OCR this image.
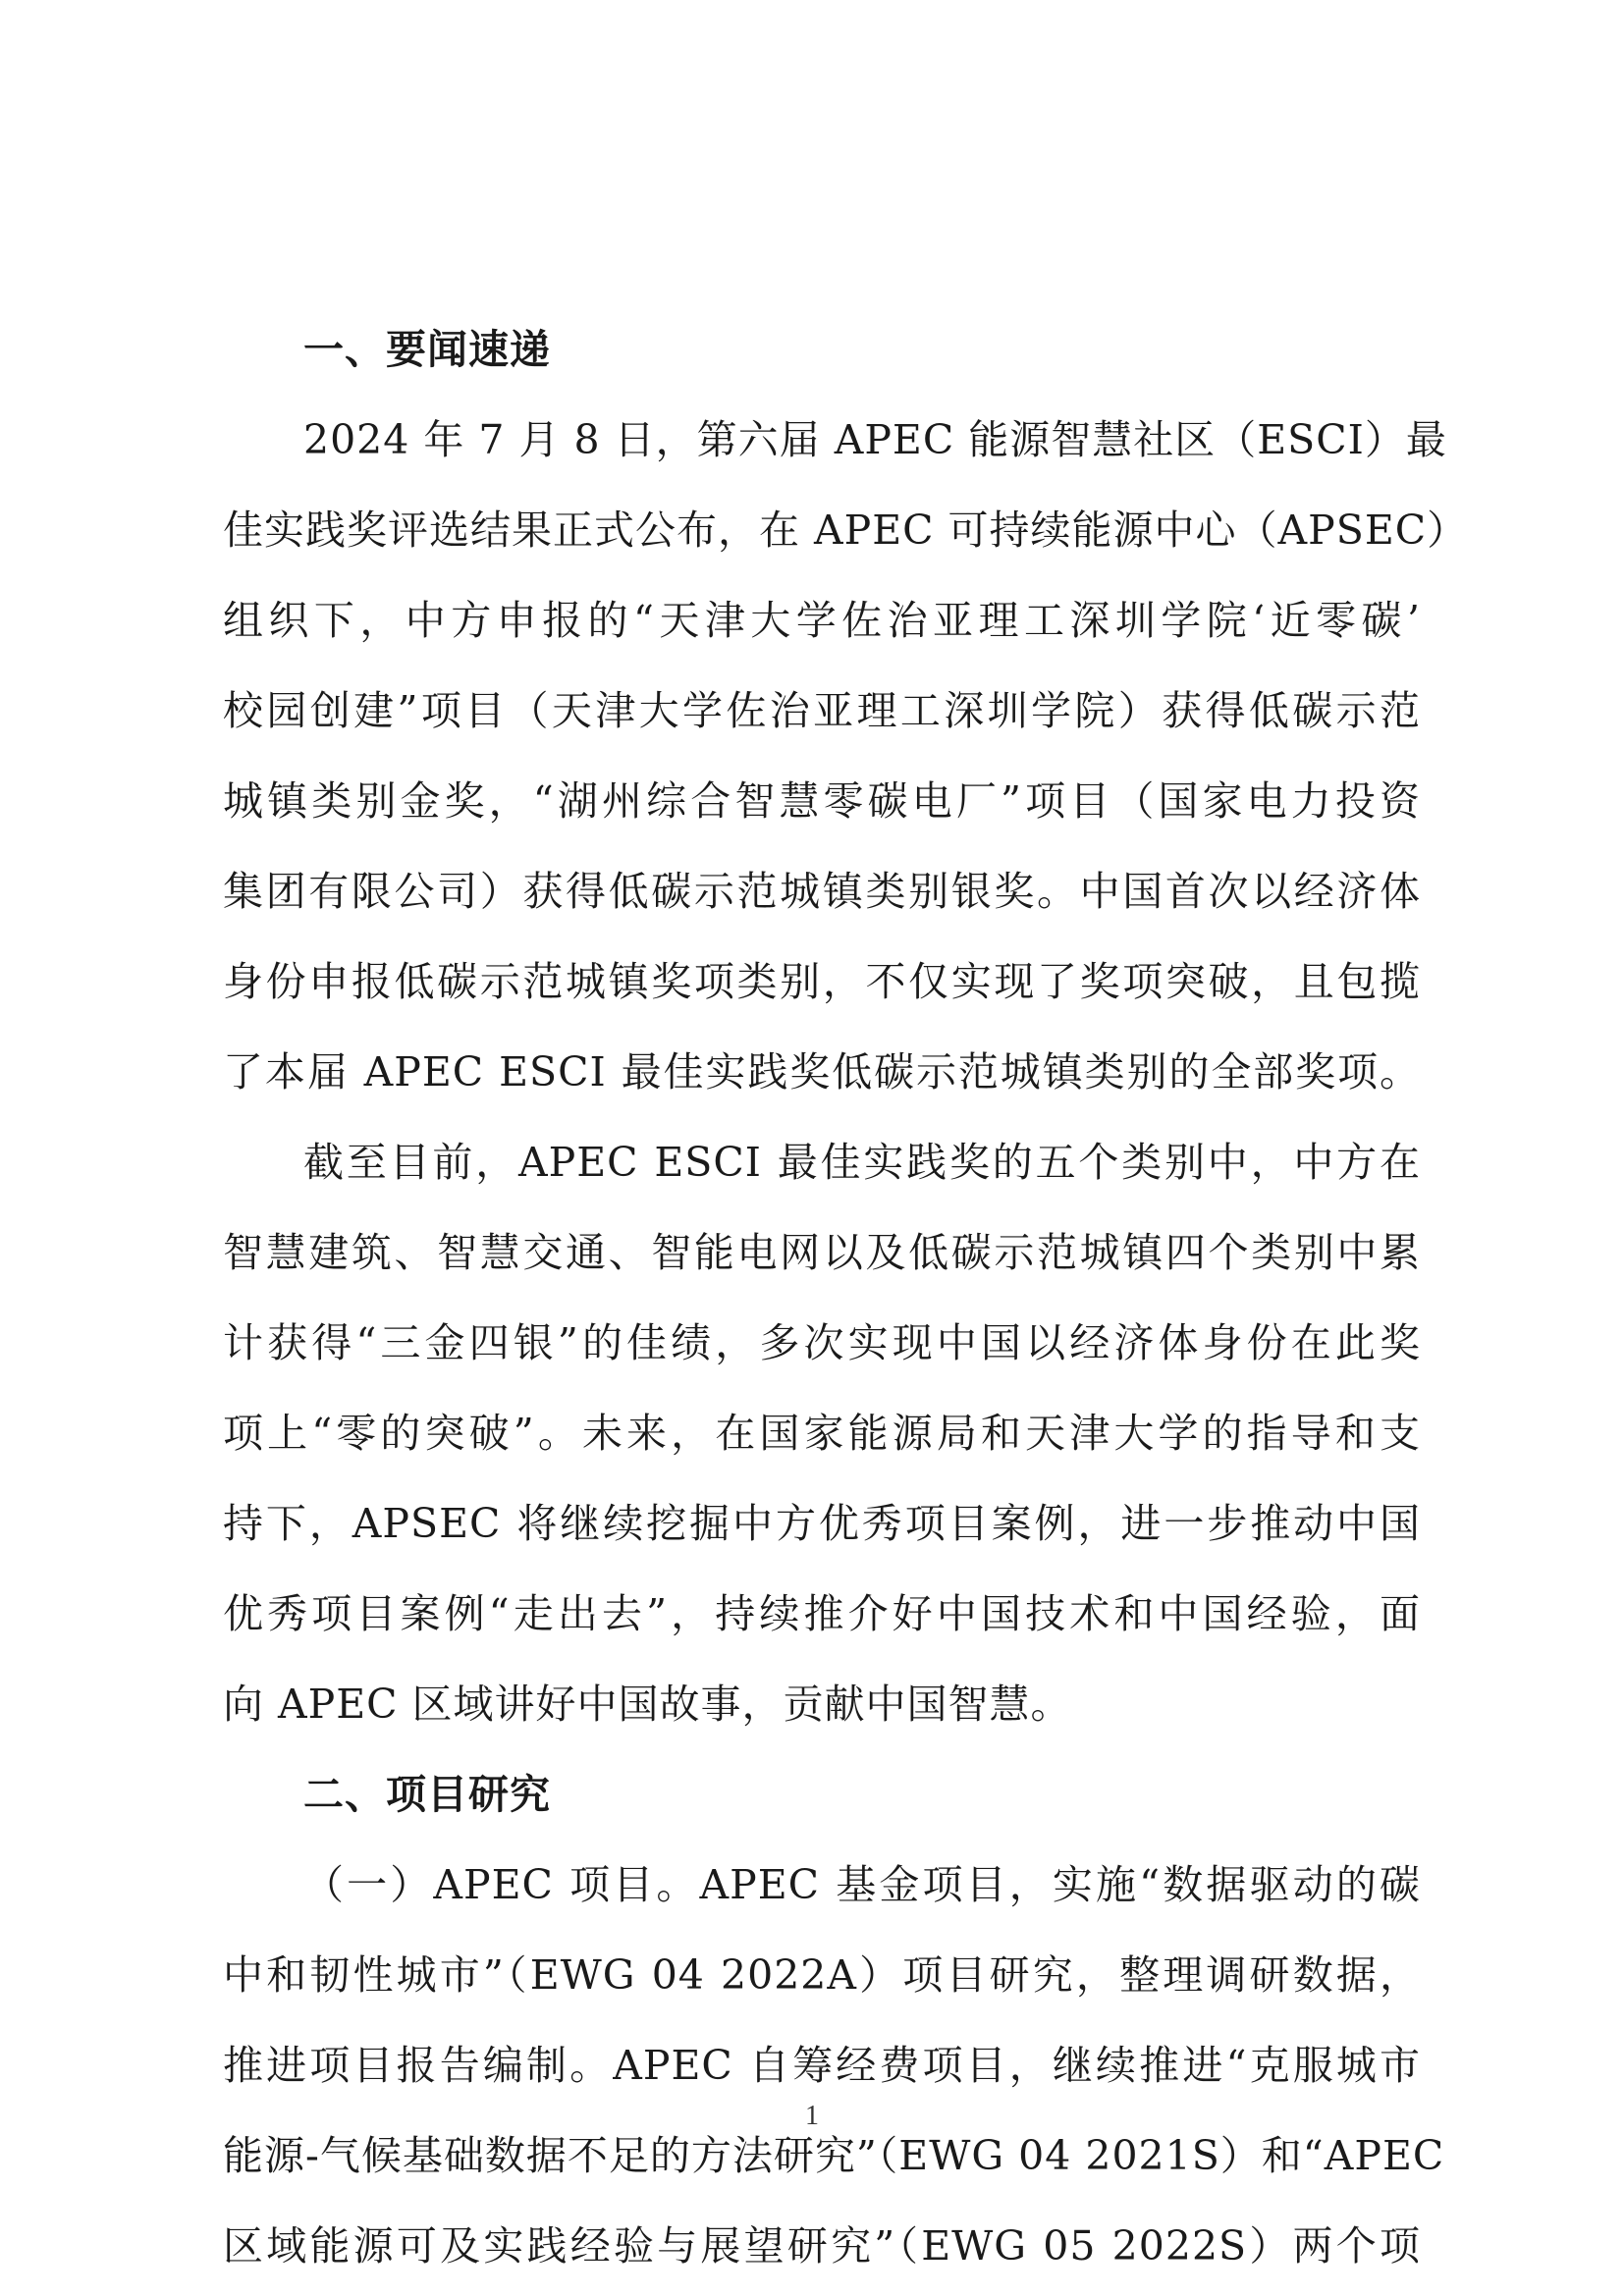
一、要闻速递
2024 年 7 月 8 日，第六届 APEC 能源智慧社区（ESCI）最
佳实践奖评选结果正式公布，在 APEC 可持续能源中心（APSEC）
组织下，中方申报的“天津大学佐治亚理工深圳学院‘近零碳’
校园创建”项目（天津大学佐治亚理工深圳学院）获得低碳示范
城镇类别金奖，“湖州综合智慧零碳电厂”项目（国家电力投资
集团有限公司）获得低碳示范城镇类别银奖。中国首次以经济体
身份申报低碳示范城镇奖项类别，不仅实现了奖项突破，且包揽
了本届 APEC ESCI 最佳实践奖低碳示范城镇类别的全部奖项。
截至目前，APEC ESCI 最佳实践奖的五个类别中，中方在
智慧建筑、智慧交通、智能电网以及低碳示范城镇四个类别中累
计获得“三金四银”的佳绩，多次实现中国以经济体身份在此奖
项上“零的突破”。未来，在国家能源局和天津大学的指导和支
持下，APSEC 将继续挖掘中方优秀项目案例，进一步推动中国
优秀项目案例“走出去”，持续推介好中国技术和中国经验，面
向 APEC 区域讲好中国故事，贡献中国智慧。
二、项目研究
（一）APEC 项目。APEC 基金项目，实施“数据驱动的碳
中和韧性城市”（EWG 04 2022A）项目研究，整理调研数据，
推进项目报告编制。APEC 自筹经费项目，继续推进“克服城市
能源-气候基础数据不足的方法研究”（EWG 04 2021S）和“APEC
区域能源可及实践经验与展望研究”（EWG 05 2022S）两个项
1
